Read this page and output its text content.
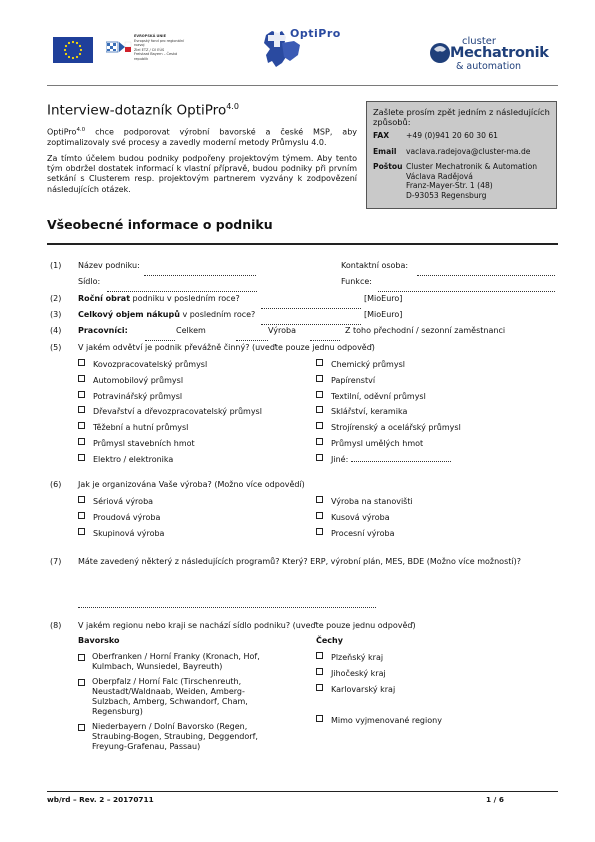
EVROPSKÁ UNIE
Evropský fond pro regionální rozvoj
Ziel ETZ / Cíl EÚS
Freistaat Bayern – Česká republik
OptiPro
cluster
Mechatronik
& automation
Interview-dotazník OptiPro$^{4.0}$

OptiPro$^{4.0}$ chce podporovat výrobní bavorské a české MSP, aby zoptimalizovaly své procesy a zavedly moderní metody Průmyslu 4.0.

Za tímto účelem budou podniky podpořeny projektovým týmem. Aby tento tým obdržel dostatek informací k vlastní přípravě, budou podniky při prvním setkání s Clusterem resp. projektovým partnerem vyzvány k zodpovězení následujících otázek.

Zašlete prosím zpět jedním z následujících způsobů:
FAX	+49 (0)941 20 60 30 61
Email	vaclava.radejova@cluster-ma.de
Poštou Cluster Mechatronik & Automation
Václava Radějová
Franz-Mayer-Str. 1 (48)
D-93053 Regensburg
Všeobecné informace o podniku
(1) Název podniku:	Kontaktní osoba:
Sídlo:	Funkce:
(2) Roční obrat podniku v posledním roce?	[MioEuro]
(3) Celkový objem nákupů v posledním roce?	[MioEuro]
(4) Pracovníci:	Celkem	Výroba	Z toho přechodní / sezonní zaměstnanci
(5) V jakém odvětví je podnik převážně činný? (uveďte pouze jednu odpověď)
Kovozpracovatelský průmysl
Automobilový průmysl
Potravinářský průmysl
Dřevařství a dřevozpracovatelský průmysl
Těžební a hutní průmysl
Průmysl stavebních hmot
Elektro / elektronika
Chemický průmysl
Papírenství
Textilní, oděvní průmysl
Sklářství, keramika
Strojírenský a ocelářský průmysl
Průmysl umělých hmot
Jiné:
(6) Jak je organizována Vaše výroba? (Možno více odpovědí)
Sériová výroba
Proudová výroba
Skupinová výroba
Výroba na stanovišti
Kusová výroba
Procesní výroba
(7) Máte zavedený některý z následujících programů? Který? ERP, výrobní plán, MES, BDE (Možno více možností)?
(8) V jakém regionu nebo kraji se nachází sídlo podniku? (uveďte pouze jednu odpověď)
Bavorsko	Čechy
Oberfranken / Horní Franky (Kronach, Hof,
Kulmbach, Wunsiedel, Bayreuth)
Oberpfalz / Horní Falc (Tirschenreuth,
Neustadt/Waldnaab, Weiden, Amberg-
Sulzbach, Amberg, Schwandorf, Cham,
Regensburg)
Niederbayern / Dolní Bavorsko (Regen,
Straubing-Bogen, Straubing, Deggendorf,
Freyung-Grafenau, Passau)
Plzeňský kraj
Jihočeský kraj
Karlovarský kraj
Mimo vyjmenované regiony
wb/rd – Rev. 2 – 20170711	1 / 6
